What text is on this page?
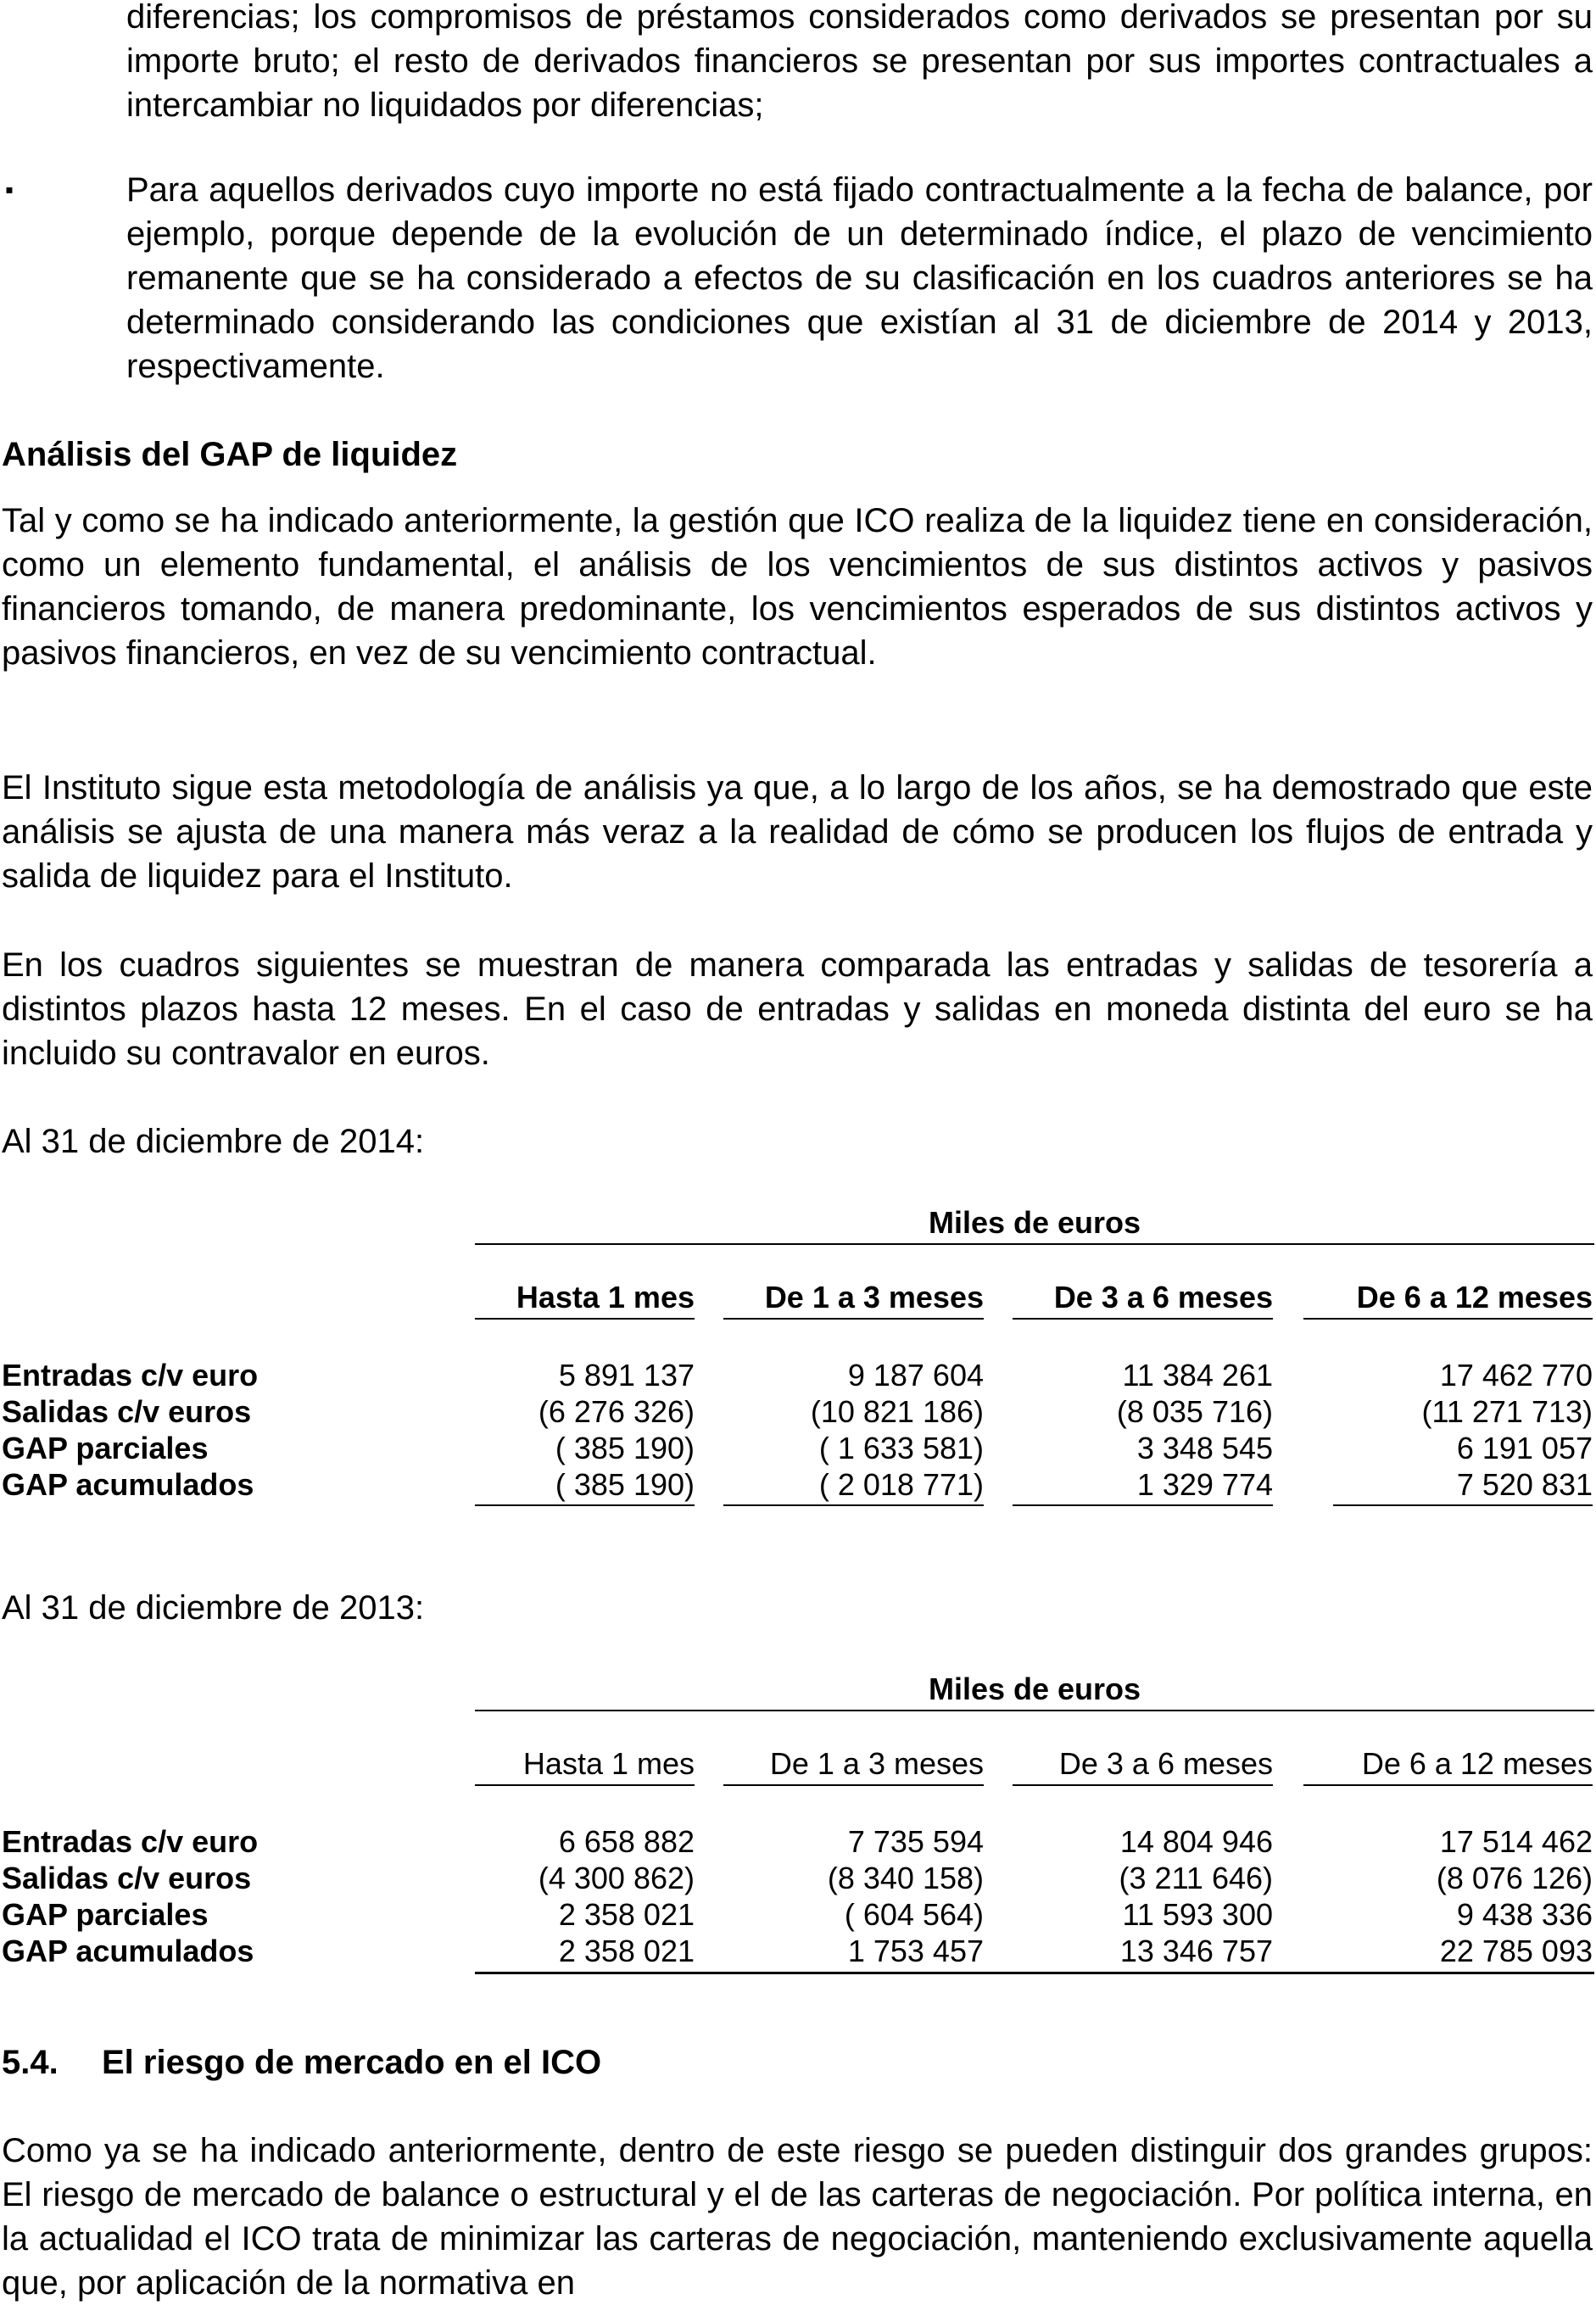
diferencias; los compromisos de préstamos considerados como derivados se presentan por su importe bruto; el resto de derivados financieros se presentan por sus importes contractuales a intercambiar no liquidados por diferencias;
▪	Para aquellos derivados cuyo importe no está fijado contractualmente a la fecha de balance, por ejemplo, porque depende de la evolución de un determinado índice, el plazo de vencimiento remanente que se ha considerado a efectos de su clasificación en los cuadros anteriores se ha determinado considerando las condiciones que existían al 31 de diciembre de 2014 y 2013, respectivamente.
Análisis del GAP de liquidez
Tal y como se ha indicado anteriormente, la gestión que ICO realiza de la liquidez tiene en consideración, como un elemento fundamental, el análisis de los vencimientos de sus distintos activos y pasivos financieros tomando, de manera predominante, los vencimientos esperados de sus distintos activos y pasivos financieros, en vez de su vencimiento contractual.
El Instituto sigue esta metodología de análisis ya que, a lo largo de los años, se ha demostrado que este análisis se ajusta de una manera más veraz a la realidad de cómo se producen los flujos de entrada y salida de liquidez para el Instituto.
En los cuadros siguientes se muestran de manera comparada las entradas y salidas de tesorería a distintos plazos hasta 12 meses. En el caso de entradas y salidas en moneda distinta del euro se ha incluido su contravalor en euros.
Al 31 de diciembre de 2014:
Miles de euros
Hasta 1 mes	De 1 a 3 meses	De 3 a 6 meses	De 6 a 12 meses
Entradas c/v euro	5 891 137	9 187 604	11 384 261	17 462 770
Salidas c/v euros	(6 276 326)	(10 821 186)	(8 035 716)	(11 271 713)
GAP parciales	( 385 190)	( 1 633 581)	3 348 545	6 191 057
GAP acumulados	( 385 190)	( 2 018 771)	1 329 774	7 520 831
Al 31 de diciembre de 2013:
Miles de euros
Hasta 1 mes	De 1 a 3 meses	De 3 a 6 meses	De 6 a 12 meses
Entradas c/v euro	6 658 882	7 735 594	14 804 946	17 514 462
Salidas c/v euros	(4 300 862)	(8 340 158)	(3 211 646)	(8 076 126)
GAP parciales	2 358 021	( 604 564)	11 593 300	9 438 336
GAP acumulados	2 358 021	1 753 457	13 346 757	22 785 093
5.4. El riesgo de mercado en el ICO
Como ya se ha indicado anteriormente, dentro de este riesgo se pueden distinguir dos grandes grupos: El riesgo de mercado de balance o estructural y el de las carteras de negociación. Por política interna, en la actualidad el ICO trata de minimizar las carteras de negociación, manteniendo exclusivamente aquella que, por aplicación de la normativa en
